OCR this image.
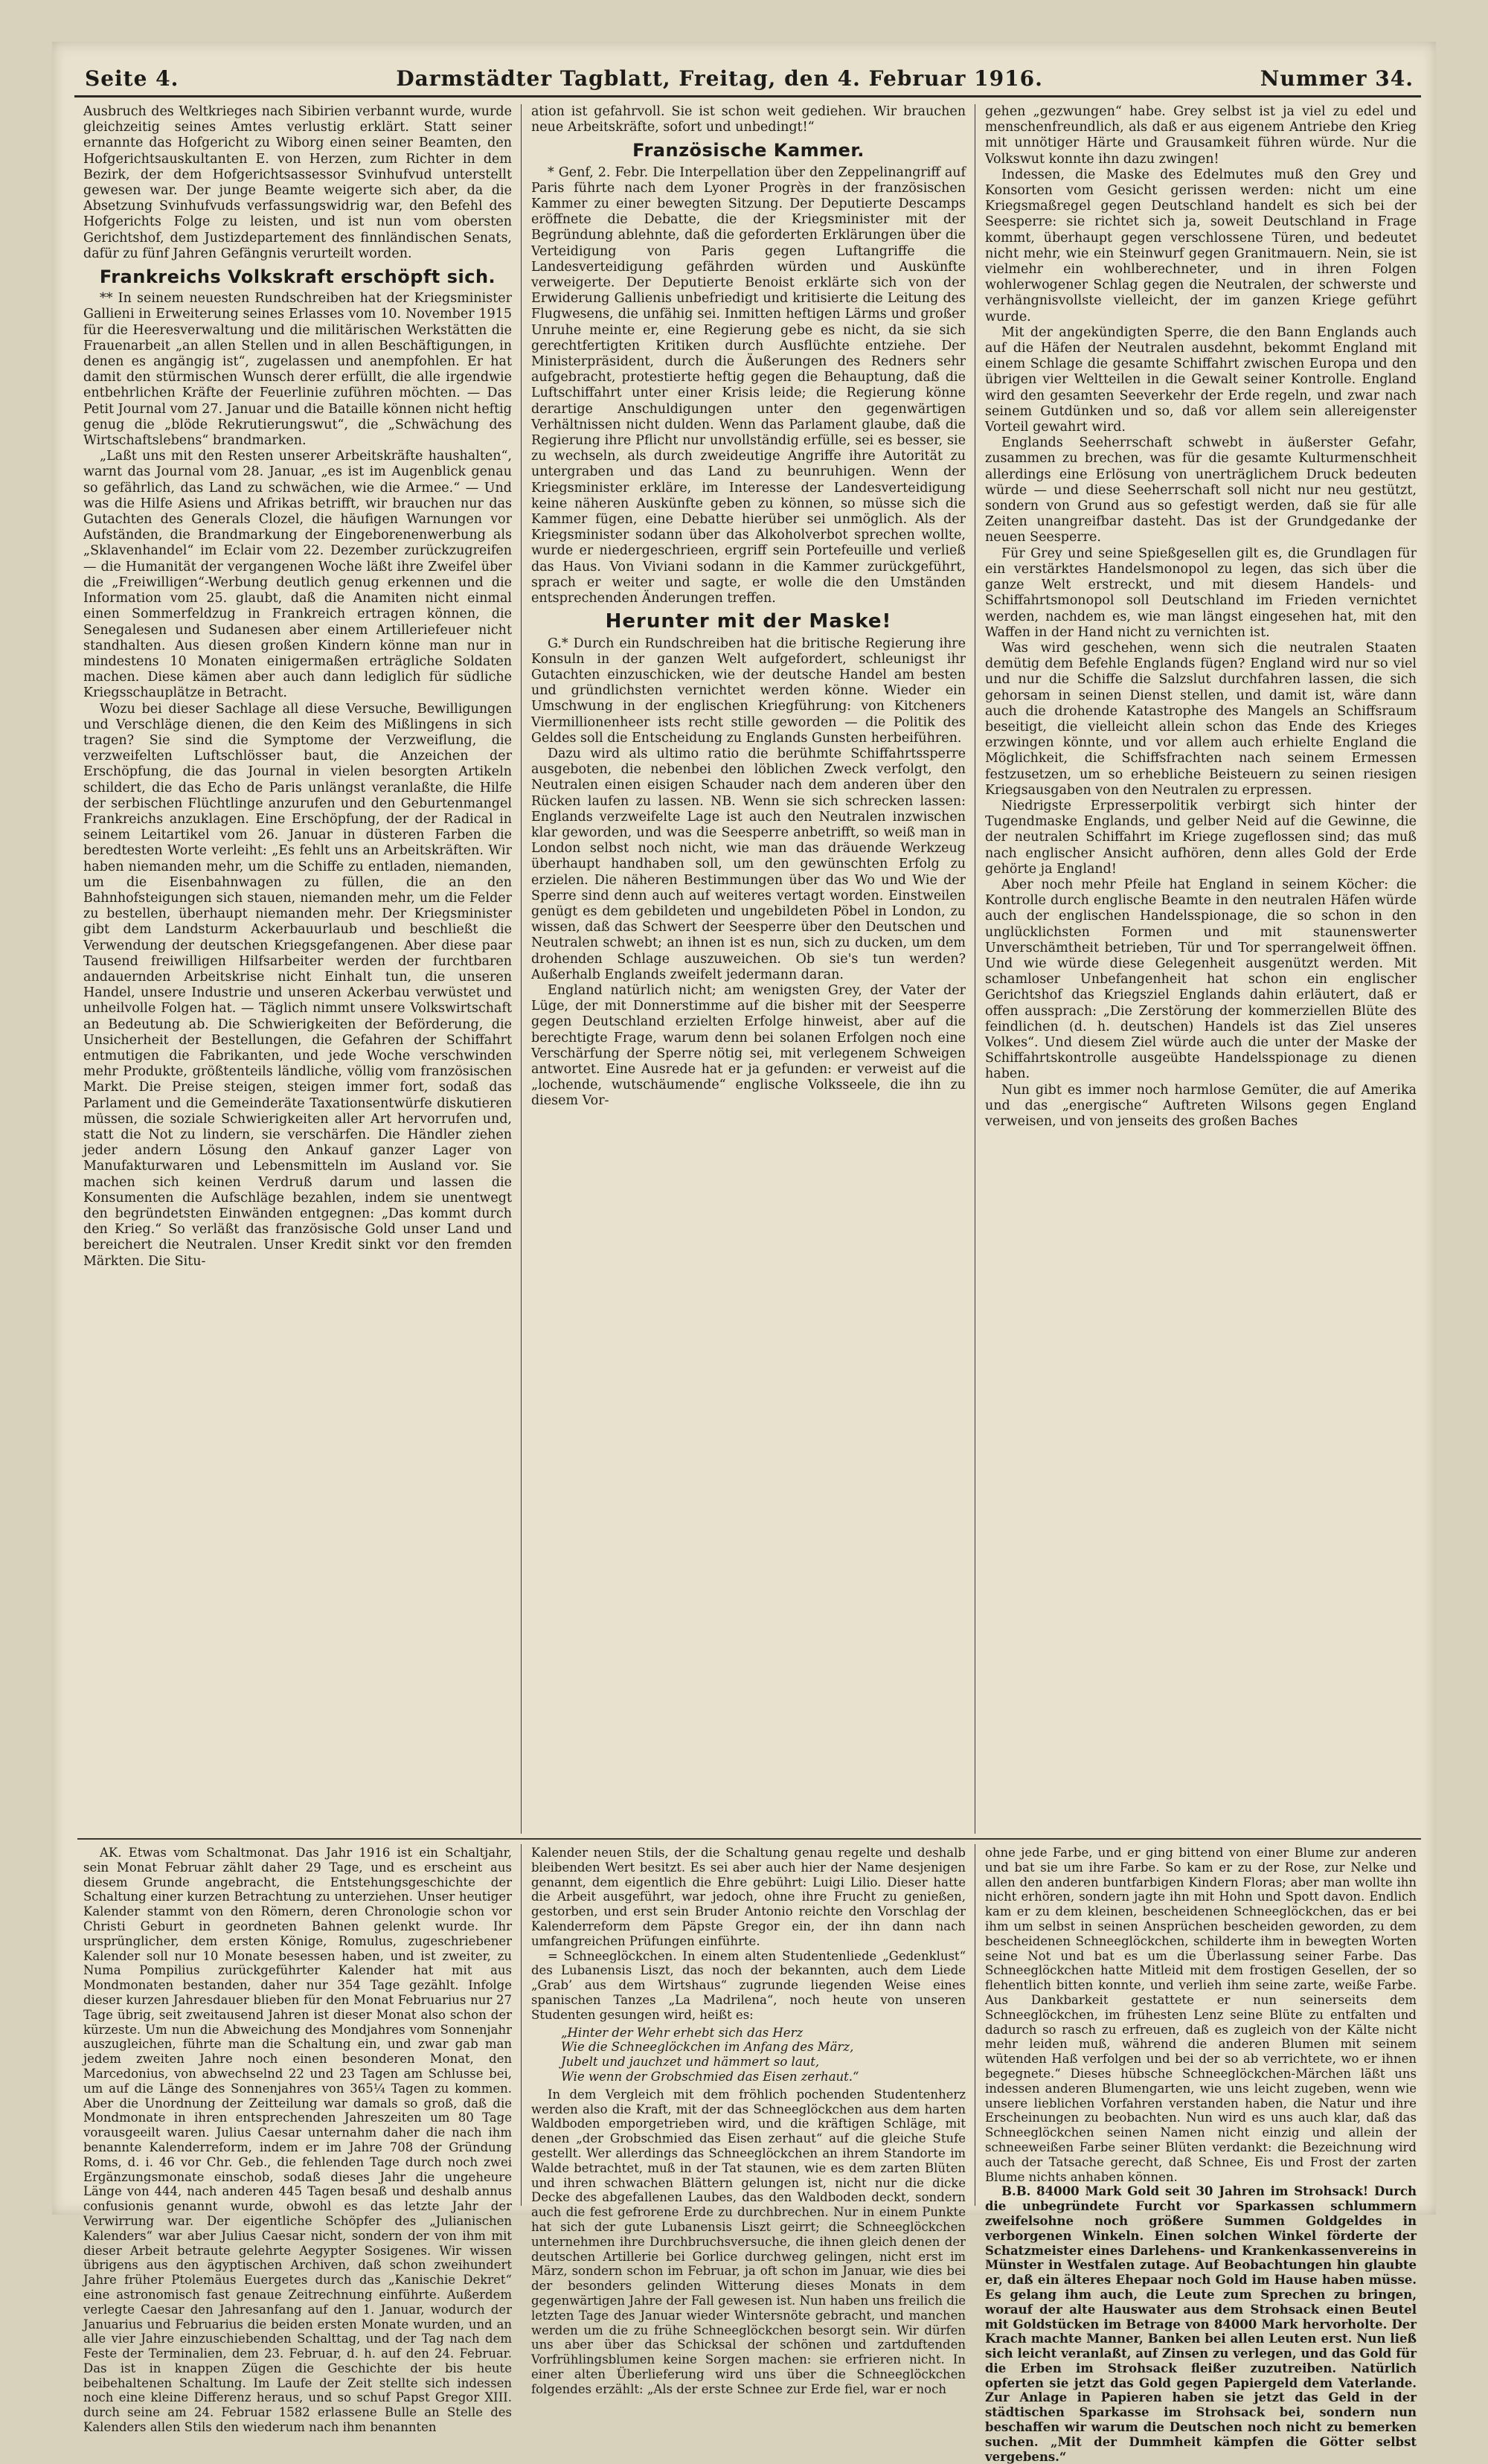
Seite 4.	Darmstädter Tagblatt, Freitag, den 4. Februar 1916.	Nummer 34.

Ausbruch des Weltkrieges nach Sibirien verbannt wurde, wurde gleichzeitig seines Amtes verlustig erklärt. Statt seiner ernannte das Hofgericht zu Wiborg einen seiner Beamten, den Hofgerichtsauskultanten E. von Herzen, zum Richter in dem Bezirk, der dem Hofgerichtsassessor Svinhufvud unterstellt gewesen war. Der junge Beamte weigerte sich aber, da die Absetzung Svinhufvuds verfassungswidrig war, den Befehl des Hofgerichts Folge zu leisten, und ist nun vom obersten Gerichtshof, dem Justizdepartement des finnländischen Senats, dafür zu fünf Jahren Gefängnis verurteilt worden.

Frankreichs Volkskraft erschöpft sich.

** In seinem neuesten Rundschreiben hat der Kriegsminister Gallieni in Erweiterung seines Erlasses vom 10. November 1915 für die Heeresverwaltung und die militärischen Werkstätten die Frauenarbeit „an allen Stellen und in allen Beschäftigungen, in denen es angängig ist“, zugelassen und anempfohlen. Er hat damit den stürmischen Wunsch derer erfüllt, die alle irgendwie entbehrlichen Kräfte der Feuerlinie zuführen möchten. — Das Petit Journal vom 27. Januar und die Bataille können nicht heftig genug die „blöde Rekrutierungswut“, die „Schwächung des Wirtschaftslebens“ brandmarken.

„Laßt uns mit den Resten unserer Arbeitskräfte haushalten“, warnt das Journal vom 28. Januar, „es ist im Augenblick genau so gefährlich, das Land zu schwächen, wie die Armee.“ — Und was die Hilfe Asiens und Afrikas betrifft, wir brauchen nur das Gutachten des Generals Clozel, die häufigen Warnungen vor Aufständen, die Brandmarkung der Eingeborenenwerbung als „Sklavenhandel“ im Eclair vom 22. Dezember zurückzugreifen — die Humanität der vergangenen Woche läßt ihre Zweifel über die „Freiwilligen“-Werbung deutlich genug erkennen und die Information vom 25. glaubt, daß die Anamiten nicht einmal einen Sommerfeldzug in Frankreich ertragen können, die Senegalesen und Sudanesen aber einem Artilleriefeuer nicht standhalten. Aus diesen großen Kindern könne man nur in mindestens 10 Monaten einigermaßen erträgliche Soldaten machen. Diese kämen aber auch dann lediglich für südliche Kriegsschauplätze in Betracht.

Wozu bei dieser Sachlage all diese Versuche, Bewilligungen und Verschläge dienen, die den Keim des Mißlingens in sich tragen? Sie sind die Symptome der Verzweiflung, die verzweifelten Luftschlösser baut, die Anzeichen der Erschöpfung, die das Journal in vielen besorgten Artikeln schildert, die das Echo de Paris unlängst veranlaßte, die Hilfe der serbischen Flüchtlinge anzurufen und den Geburtenmangel Frankreichs anzuklagen. Eine Erschöpfung, der der Radical in seinem Leitartikel vom 26. Januar in düsteren Farben die beredtesten Worte verleiht: „Es fehlt uns an Arbeitskräften. Wir haben niemanden mehr, um die Schiffe zu entladen, niemanden, um die Eisenbahnwagen zu füllen, die an den Bahnhofsteigungen sich stauen, niemanden mehr, um die Felder zu bestellen, überhaupt niemanden mehr. Der Kriegsminister gibt dem Landsturm Ackerbauurlaub und beschließt die Verwendung der deutschen Kriegsgefangenen. Aber diese paar Tausend freiwilligen Hilfsarbeiter werden der furchtbaren andauernden Arbeitskrise nicht Einhalt tun, die unseren Handel, unsere Industrie und unseren Ackerbau verwüstet und unheilvolle Folgen hat. — Täglich nimmt unsere Volkswirtschaft an Bedeutung ab. Die Schwierigkeiten der Beförderung, die Unsicherheit der Bestellungen, die Gefahren der Schiffahrt entmutigen die Fabrikanten, und jede Woche verschwinden mehr Produkte, größtenteils ländliche, völlig vom französischen Markt. Die Preise steigen, steigen immer fort, sodaß das Parlament und die Gemeinderäte Taxationsentwürfe diskutieren müssen, die soziale Schwierigkeiten aller Art hervorrufen und, statt die Not zu lindern, sie verschärfen. Die Händler ziehen jeder andern Lösung den Ankauf ganzer Lager von Manufakturwaren und Lebensmitteln im Ausland vor. Sie machen sich keinen Verdruß darum und lassen die Konsumenten die Aufschläge bezahlen, indem sie unentwegt den begründetsten Einwänden entgegnen: „Das kommt durch den Krieg.“ So verläßt das französische Gold unser Land und bereichert die Neutralen. Unser Kredit sinkt vor den fremden Märkten. Die Situ-

ation ist gefahrvoll. Sie ist schon weit gediehen. Wir brauchen neue Arbeitskräfte, sofort und unbedingt!“

Französische Kammer.

* Genf, 2. Febr. Die Interpellation über den Zeppelinangriff auf Paris führte nach dem Lyoner Progrès in der französischen Kammer zu einer bewegten Sitzung. Der Deputierte Descamps eröffnete die Debatte, die der Kriegsminister mit der Begründung ablehnte, daß die geforderten Erklärungen über die Verteidigung von Paris gegen Luftangriffe die Landesverteidigung gefährden würden und Auskünfte verweigerte. Der Deputierte Benoist erklärte sich von der Erwiderung Gallienis unbefriedigt und kritisierte die Leitung des Flugwesens, die unfähig sei. Inmitten heftigen Lärms und großer Unruhe meinte er, eine Regierung gebe es nicht, da sie sich gerechtfertigten Kritiken durch Ausflüchte entziehe. Der Ministerpräsident, durch die Äußerungen des Redners sehr aufgebracht, protestierte heftig gegen die Behauptung, daß die Luftschiffahrt unter einer Krisis leide; die Regierung könne derartige Anschuldigungen unter den gegenwärtigen Verhältnissen nicht dulden. Wenn das Parlament glaube, daß die Regierung ihre Pflicht nur unvollständig erfülle, sei es besser, sie zu wechseln, als durch zweideutige Angriffe ihre Autorität zu untergraben und das Land zu beunruhigen. Wenn der Kriegsminister erkläre, im Interesse der Landesverteidigung keine näheren Auskünfte geben zu können, so müsse sich die Kammer fügen, eine Debatte hierüber sei unmöglich. Als der Kriegsminister sodann über das Alkoholverbot sprechen wollte, wurde er niedergeschrieen, ergriff sein Portefeuille und verließ das Haus. Von Viviani sodann in die Kammer zurückgeführt, sprach er weiter und sagte, er wolle die den Umständen entsprechenden Änderungen treffen.

Herunter mit der Maske!

G.* Durch ein Rundschreiben hat die britische Regierung ihre Konsuln in der ganzen Welt aufgefordert, schleunigst ihr Gutachten einzuschicken, wie der deutsche Handel am besten und gründlichsten vernichtet werden könne. Wieder ein Umschwung in der englischen Kriegführung: von Kitcheners Viermillionenheer ists recht stille geworden — die Politik des Geldes soll die Entscheidung zu Englands Gunsten herbeiführen.

Dazu wird als ultimo ratio die berühmte Schiffahrtssperre ausgeboten, die nebenbei den löblichen Zweck verfolgt, den Neutralen einen eisigen Schauder nach dem anderen über den Rücken laufen zu lassen. NB. Wenn sie sich schrecken lassen: Englands verzweifelte Lage ist auch den Neutralen inzwischen klar geworden, und was die Seesperre anbetrifft, so weiß man in London selbst noch nicht, wie man das dräuende Werkzeug überhaupt handhaben soll, um den gewünschten Erfolg zu erzielen. Die näheren Bestimmungen über das Wo und Wie der Sperre sind denn auch auf weiteres vertagt worden. Einstweilen genügt es dem gebildeten und ungebildeten Pöbel in London, zu wissen, daß das Schwert der Seesperre über den Deutschen und Neutralen schwebt; an ihnen ist es nun, sich zu ducken, um dem drohenden Schlage auszuweichen. Ob sie's tun werden? Außerhalb Englands zweifelt jedermann daran.

England natürlich nicht; am wenigsten Grey, der Vater der Lüge, der mit Donnerstimme auf die bisher mit der Seesperre gegen Deutschland erzielten Erfolge hinweist, aber auf die berechtigte Frage, warum denn bei solanen Erfolgen noch eine Verschärfung der Sperre nötig sei, mit verlegenem Schweigen antwortet. Eine Ausrede hat er ja gefunden: er verweist auf die „lochende, wutschäumende“ englische Volksseele, die ihn zu diesem Vor-

gehen „gezwungen“ habe. Grey selbst ist ja viel zu edel und menschenfreundlich, als daß er aus eigenem Antriebe den Krieg mit unnötiger Härte und Grausamkeit führen würde. Nur die Volkswut konnte ihn dazu zwingen!

Indessen, die Maske des Edelmutes muß den Grey und Konsorten vom Gesicht gerissen werden: nicht um eine Kriegsmaßregel gegen Deutschland handelt es sich bei der Seesperre: sie richtet sich ja, soweit Deutschland in Frage kommt, überhaupt gegen verschlossene Türen, und bedeutet nicht mehr, wie ein Steinwurf gegen Granitmauern. Nein, sie ist vielmehr ein wohlberechneter, und in ihren Folgen wohlerwogener Schlag gegen die Neutralen, der schwerste und verhängnisvollste vielleicht, der im ganzen Kriege geführt wurde.

Mit der angekündigten Sperre, die den Bann Englands auch auf die Häfen der Neutralen ausdehnt, bekommt England mit einem Schlage die gesamte Schiffahrt zwischen Europa und den übrigen vier Weltteilen in die Gewalt seiner Kontrolle. England wird den gesamten Seeverkehr der Erde regeln, und zwar nach seinem Gutdünken und so, daß vor allem sein allereigenster Vorteil gewahrt wird.

Englands Seeherrschaft schwebt in äußerster Gefahr, zusammen zu brechen, was für die gesamte Kulturmenschheit allerdings eine Erlösung von unerträglichem Druck bedeuten würde — und diese Seeherrschaft soll nicht nur neu gestützt, sondern von Grund aus so gefestigt werden, daß sie für alle Zeiten unangreifbar dasteht. Das ist der Grundgedanke der neuen Seesperre.

Für Grey und seine Spießgesellen gilt es, die Grundlagen für ein verstärktes Handelsmonopol zu legen, das sich über die ganze Welt erstreckt, und mit diesem Handels- und Schiffahrtsmonopol soll Deutschland im Frieden vernichtet werden, nachdem es, wie man längst eingesehen hat, mit den Waffen in der Hand nicht zu vernichten ist.

Was wird geschehen, wenn sich die neutralen Staaten demütig dem Befehle Englands fügen? England wird nur so viel und nur die Schiffe die Salzslut durchfahren lassen, die sich gehorsam in seinen Dienst stellen, und damit ist, wäre dann auch die drohende Katastrophe des Mangels an Schiffsraum beseitigt, die vielleicht allein schon das Ende des Krieges erzwingen könnte, und vor allem auch erhielte England die Möglichkeit, die Schiffsfrachten nach seinem Ermessen festzusetzen, um so erhebliche Beisteuern zu seinen riesigen Kriegsausgaben von den Neutralen zu erpressen.

Niedrigste Erpresserpolitik verbirgt sich hinter der Tugendmaske Englands, und gelber Neid auf die Gewinne, die der neutralen Schiffahrt im Kriege zugeflossen sind; das muß nach englischer Ansicht aufhören, denn alles Gold der Erde gehörte ja England!

Aber noch mehr Pfeile hat England in seinem Köcher: die Kontrolle durch englische Beamte in den neutralen Häfen würde auch der englischen Handelsspionage, die so schon in den unglücklichsten Formen und mit staunenswerter Unverschämtheit betrieben, Tür und Tor sperrangelweit öffnen. Und wie würde diese Gelegenheit ausgenützt werden. Mit schamloser Unbefangenheit hat schon ein englischer Gerichtshof das Kriegsziel Englands dahin erläutert, daß er offen aussprach: „Die Zerstörung der kommerziellen Blüte des feindlichen (d. h. deutschen) Handels ist das Ziel unseres Volkes“. Und diesem Ziel würde auch die unter der Maske der Schiffahrtskontrolle ausgeübte Handelsspionage zu dienen haben.

Nun gibt es immer noch harmlose Gemüter, die auf Amerika und das „energische“ Auftreten Wilsons gegen England verweisen, und von jenseits des großen Baches

AK. Etwas vom Schaltmonat. Das Jahr 1916 ist ein Schaltjahr, sein Monat Februar zählt daher 29 Tage, und es erscheint aus diesem Grunde angebracht, die Entstehungsgeschichte der Schaltung einer kurzen Betrachtung zu unterziehen. Unser heutiger Kalender stammt von den Römern, deren Chronologie schon vor Christi Geburt in geordneten Bahnen gelenkt wurde. Ihr ursprünglicher, dem ersten Könige, Romulus, zugeschriebener Kalender soll nur 10 Monate besessen haben, und ist zweiter, zu Numa Pompilius zurückgeführter Kalender hat mit aus Mondmonaten bestanden, daher nur 354 Tage gezählt. Infolge dieser kurzen Jahresdauer blieben für den Monat Februarius nur 27 Tage übrig, seit zweitausend Jahren ist dieser Monat also schon der kürzeste. Um nun die Abweichung des Mondjahres vom Sonnenjahr auszugleichen, führte man die Schaltung ein, und zwar gab man jedem zweiten Jahre noch einen besonderen Monat, den Marcedonius, von abwechselnd 22 und 23 Tagen am Schlusse bei, um auf die Länge des Sonnenjahres von 365¼ Tagen zu kommen. Aber die Unordnung der Zeitteilung war damals so groß, daß die Mondmonate in ihren entsprechenden Jahreszeiten um 80 Tage vorausgeeilt waren. Julius Caesar unternahm daher die nach ihm benannte Kalenderreform, indem er im Jahre 708 der Gründung Roms, d. i. 46 vor Chr. Geb., die fehlenden Tage durch noch zwei Ergänzungsmonate einschob, sodaß dieses Jahr die ungeheure Länge von 444, nach anderen 445 Tagen besaß und deshalb annus confusionis genannt wurde, obwohl es das letzte Jahr der Verwirrung war. Der eigentliche Schöpfer des „Julianischen Kalenders“ war aber Julius Caesar nicht, sondern der von ihm mit dieser Arbeit betraute gelehrte Aegypter Sosigenes. Wir wissen übrigens aus den ägyptischen Archiven, daß schon zweihundert Jahre früher Ptolemäus Euergetes durch das „Kanischie Dekret“ eine astronomisch fast genaue Zeitrechnung einführte. Außerdem verlegte Caesar den Jahresanfang auf den 1. Januar, wodurch der Januarius und Februarius die beiden ersten Monate wurden, und an alle vier Jahre einzuschiebenden Schalttag, und der Tag nach dem Feste der Terminalien, dem 23. Februar, d. h. auf den 24. Februar. Das ist in knappen Zügen die Geschichte der bis heute beibehaltenen Schaltung. Im Laufe der Zeit stellte sich indessen noch eine kleine Differenz heraus, und so schuf Papst Gregor XIII. durch seine am 24. Februar 1582 erlassene Bulle an Stelle des Kalenders allen Stils den wiederum nach ihm benannten

Kalender neuen Stils, der die Schaltung genau regelte und deshalb bleibenden Wert besitzt. Es sei aber auch hier der Name desjenigen genannt, dem eigentlich die Ehre gebührt: Luigi Lilio. Dieser hatte die Arbeit ausgeführt, war jedoch, ohne ihre Frucht zu genießen, gestorben, und erst sein Bruder Antonio reichte den Vorschlag der Kalenderreform dem Päpste Gregor ein, der ihn dann nach umfangreichen Prüfungen einführte.

= Schneeglöckchen. In einem alten Studentenliede „Gedenklust“ des Lubanensis Liszt, das noch der bekannten, auch dem Liede „Grab’ aus dem Wirtshaus“ zugrunde liegenden Weise eines spanischen Tanzes „La Madrilena“, noch heute von unseren Studenten gesungen wird, heißt es:

„Hinter der Wehr erhebt sich das Herz
Wie die Schneeglöckchen im Anfang des März,
Jubelt und jauchzet und hämmert so laut,
Wie wenn der Grobschmied das Eisen zerhaut.“

In dem Vergleich mit dem fröhlich pochenden Studentenherz werden also die Kraft, mit der das Schneeglöckchen aus dem harten Waldboden emporgetrieben wird, und die kräftigen Schläge, mit denen „der Grobschmied das Eisen zerhaut“ auf die gleiche Stufe gestellt. Wer allerdings das Schneeglöckchen an ihrem Standorte im Walde betrachtet, muß in der Tat staunen, wie es dem zarten Blüten und ihren schwachen Blättern gelungen ist, nicht nur die dicke Decke des abgefallenen Laubes, das den Waldboden deckt, sondern auch die fest gefrorene Erde zu durchbrechen. Nur in einem Punkte hat sich der gute Lubanensis Liszt geirrt; die Schneeglöckchen unternehmen ihre Durchbruchsversuche, die ihnen gleich denen der deutschen Artillerie bei Gorlice durchweg gelingen, nicht erst im März, sondern schon im Februar, ja oft schon im Januar, wie dies bei der besonders gelinden Witterung dieses Monats in dem gegenwärtigen Jahre der Fall gewesen ist. Nun haben uns freilich die letzten Tage des Januar wieder Wintersnöte gebracht, und manchen werden um die zu frühe Schneeglöckchen besorgt sein. Wir dürfen uns aber über das Schicksal der schönen und zartduftenden Vorfrühlingsblumen keine Sorgen machen: sie erfrieren nicht. In einer alten Überlieferung wird uns über die Schneeglöckchen folgendes erzählt: „Als der erste Schnee zur Erde fiel, war er noch

ohne jede Farbe, und er ging bittend von einer Blume zur anderen und bat sie um ihre Farbe. So kam er zu der Rose, zur Nelke und allen den anderen buntfarbigen Kindern Floras; aber man wollte ihn nicht erhören, sondern jagte ihn mit Hohn und Spott davon. Endlich kam er zu dem kleinen, bescheidenen Schneeglöckchen, das er bei ihm um selbst in seinen Ansprüchen bescheiden geworden, zu dem bescheidenen Schneeglöckchen, schilderte ihm in bewegten Worten seine Not und bat es um die Überlassung seiner Farbe. Das Schneeglöckchen hatte Mitleid mit dem frostigen Gesellen, der so flehentlich bitten konnte, und verlieh ihm seine zarte, weiße Farbe. Aus Dankbarkeit gestattete er nun seinerseits dem Schneeglöckchen, im frühesten Lenz seine Blüte zu entfalten und dadurch so rasch zu erfreuen, daß es zugleich von der Kälte nicht mehr leiden muß, während die anderen Blumen mit seinem wütenden Haß verfolgen und bei der so ab verrichtete, wo er ihnen begegnete.“ Dieses hübsche Schneeglöckchen-Märchen läßt uns indessen anderen Blumengarten, wie uns leicht zugeben, wenn wie unsere lieblichen Vorfahren verstanden haben, die Natur und ihre Erscheinungen zu beobachten. Nun wird es uns auch klar, daß das Schneeglöckchen seinen Namen nicht einzig und allein der schneeweißen Farbe seiner Blüten verdankt: die Bezeichnung wird auch der Tatsache gerecht, daß Schnee, Eis und Frost der zarten Blume nichts anhaben können.

B.B. 84000 Mark Gold seit 30 Jahren im Strohsack! Durch die unbegründete Furcht vor Sparkassen schlummern zweifelsohne noch größere Summen Goldgeldes in verborgenen Winkeln. Einen solchen Winkel förderte der Schatzmeister eines Darlehens- und Krankenkassenvereins in Münster in Westfalen zutage. Auf Beobachtungen hin glaubte er, daß ein älteres Ehepaar noch Gold im Hause haben müsse. Es gelang ihm auch, die Leute zum Sprechen zu bringen, worauf der alte Hauswater aus dem Strohsack einen Beutel mit Goldstücken im Betrage von 84000 Mark hervorholte. Der Krach machte Manner, Banken bei allen Leuten erst. Nun ließ sich leicht veranlaßt, auf Zinsen zu verlegen, und das Gold für die Erben im Strohsack fleißer zuzutreiben. Natürlich opferten sie jetzt das Gold gegen Papiergeld dem Vaterlande. Zur Anlage in Papieren haben sie jetzt das Geld in der städtischen Sparkasse im Strohsack bei, sondern nun beschaffen wir warum die Deutschen noch nicht zu bemerken suchen. „Mit der Dummheit kämpfen die Götter selbst vergebens.“
